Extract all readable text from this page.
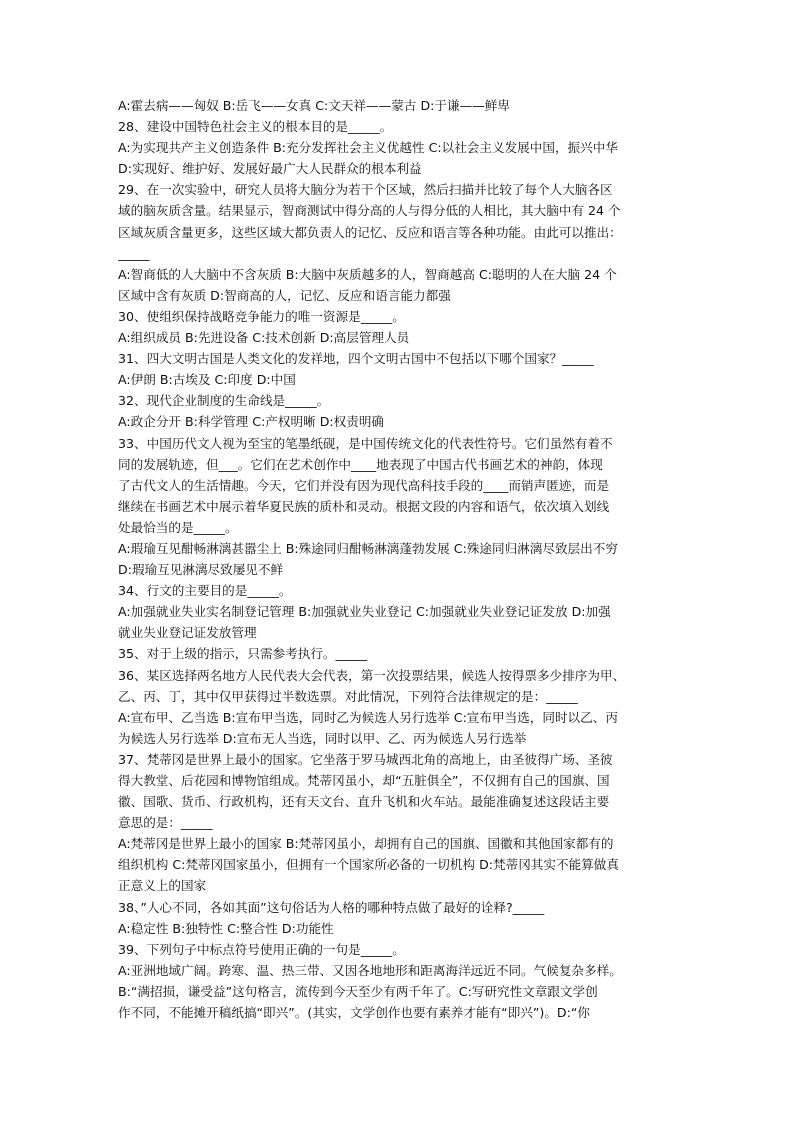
A:霍去病——匈奴 B:岳飞——女真 C:文天祥——蒙古 D:于谦——鲜卑
28、建设中国特色社会主义的根本目的是_____。
A:为实现共产主义创造条件 B:充分发挥社会主义优越性 C:以社会主义发展中国，振兴中华
D:实现好、维护好、发展好最广大人民群众的根本利益
29、在一次实验中，研究人员将大脑分为若干个区域，然后扫描并比较了每个人大脑各区
域的脑灰质含量。结果显示，智商测试中得分高的人与得分低的人相比，其大脑中有 24 个
区域灰质含量更多，这些区域大都负责人的记忆、反应和语言等各种功能。由此可以推出：
_____
A:智商低的人大脑中不含灰质 B:大脑中灰质越多的人，智商越高 C:聪明的人在大脑 24 个
区域中含有灰质 D:智商高的人，记忆、反应和语言能力都强
30、使组织保持战略竞争能力的唯一资源是_____。
A:组织成员 B:先进设备 C:技术创新 D:高层管理人员
31、四大文明古国是人类文化的发祥地，四个文明古国中不包括以下哪个国家？_____
A:伊朗 B:古埃及 C:印度 D:中国
32、现代企业制度的生命线是_____。
A:政企分开 B:科学管理 C:产权明晰 D:权责明确
33、中国历代文人视为至宝的笔墨纸砚，是中国传统文化的代表性符号。它们虽然有着不
同的发展轨迹，但___。它们在艺术创作中____地表现了中国古代书画艺术的神韵，体现
了古代文人的生活情趣。今天，它们并没有因为现代高科技手段的____而销声匿迹，而是
继续在书画艺术中展示着华夏民族的质朴和灵动。根据文段的内容和语气，依次填入划线
处最恰当的是_____。
A:瑕瑜互见酣畅淋漓甚嚣尘上 B:殊途同归酣畅淋漓蓬勃发展 C:殊途同归淋漓尽致层出不穷
D:瑕瑜互见淋漓尽致屡见不鲜
34、行文的主要目的是_____。
A:加强就业失业实名制登记管理 B:加强就业失业登记 C:加强就业失业登记证发放 D:加强
就业失业登记证发放管理
35、对于上级的指示，只需参考执行。_____
36、某区选择两名地方人民代表大会代表，第一次投票结果，候选人按得票多少排序为甲、
乙、丙、丁，其中仅甲获得过半数选票。对此情况，下列符合法律规定的是：_____
A:宣布甲、乙当选 B:宣布甲当选，同时乙为候选人另行选举 C:宣布甲当选，同时以乙、丙
为候选人另行选举 D:宣布无人当选，同时以甲、乙、丙为候选人另行选举
37、梵蒂冈是世界上最小的国家。它坐落于罗马城西北角的高地上，由圣彼得广场、圣彼
得大教堂、后花园和博物馆组成。梵蒂冈虽小，却“五脏俱全”，不仅拥有自己的国旗、国
徽、国歌、货币、行政机构，还有天文台、直升飞机和火车站。最能准确复述这段话主要
意思的是：_____
A:梵蒂冈是世界上最小的国家 B:梵蒂冈虽小，却拥有自己的国旗、国徽和其他国家都有的
组织机构 C:梵蒂冈国家虽小，但拥有一个国家所必备的一切机构 D:梵蒂冈其实不能算做真
正意义上的国家
38、”人心不同，各如其面”这句俗话为人格的哪种特点做了最好的诠释?_____
A:稳定性 B:独特性 C:整合性 D:功能性
39、下列句子中标点符号使用正确的一句是_____。
A:亚洲地域广阔。跨寒、温、热三带、又因各地地形和距离海洋远近不同。气候复杂多样。
B:“满招损，谦受益”这句格言，流传到今天至少有两千年了。C:写研究性文章跟文学创
作不同，不能摊开稿纸搞“即兴”。(其实，文学创作也要有素养才能有“即兴”)。D:“你
